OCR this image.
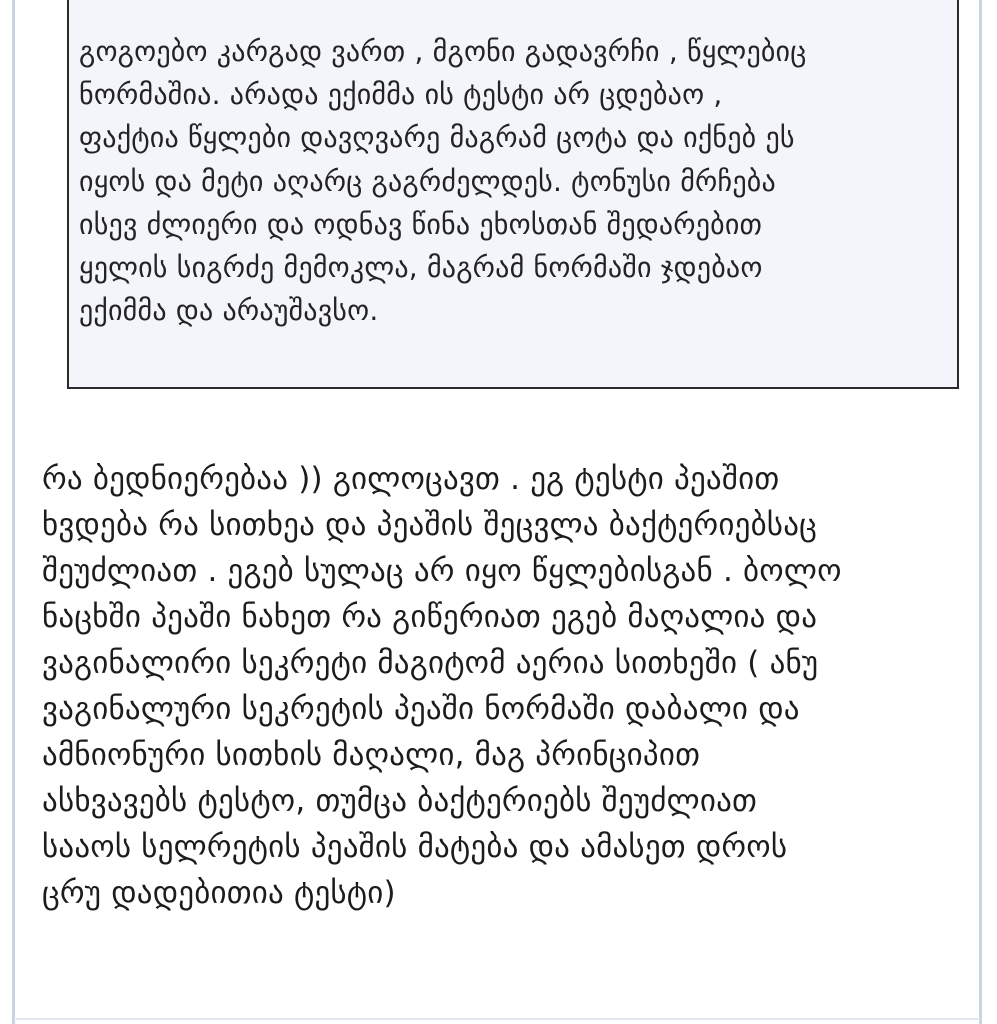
გოგოებო კარგად ვართ , მგონი გადავრჩი , წყლებიც
ნორმაშია. არადა ექიმმა ის ტესტი არ ცდებაო ,
ფაქტია წყლები დავღვარე მაგრამ ცოტა და იქნებ ეს
იყოს და მეტი აღარც გაგრძელდეს. ტონუსი მრჩება
ისევ ძლიერი და ოდნავ წინა ეხოსთან შედარებით
ყელის სიგრძე მემოკლა, მაგრამ ნორმაში ჯდებაო
ექიმმა და არაუშავსო.

რა ბედნიერებაა )) გილოცავთ . ეგ ტესტი პეაშით
ხვდება რა სითხეა და პეაშის შეცვლა ბაქტერიებსაც
შეუძლიათ . ეგებ სულაც არ იყო წყლებისგან . ბოლო
ნაცხში პეაში ნახეთ რა გიწერიათ ეგებ მაღალია და
ვაგინალირი სეკრეტი მაგიტომ აერია სითხეში ( ანუ
ვაგინალური სეკრეტის პეაში ნორმაში დაბალი და
ამნიონური სითხის მაღალი, მაგ პრინციპით
ასხვავებს ტესტო, თუმცა ბაქტერიებს შეუძლიათ
სააოს სელრეტის პეაშის მატება და ამასეთ დროს
ცრუ დადებითია ტესტი)
